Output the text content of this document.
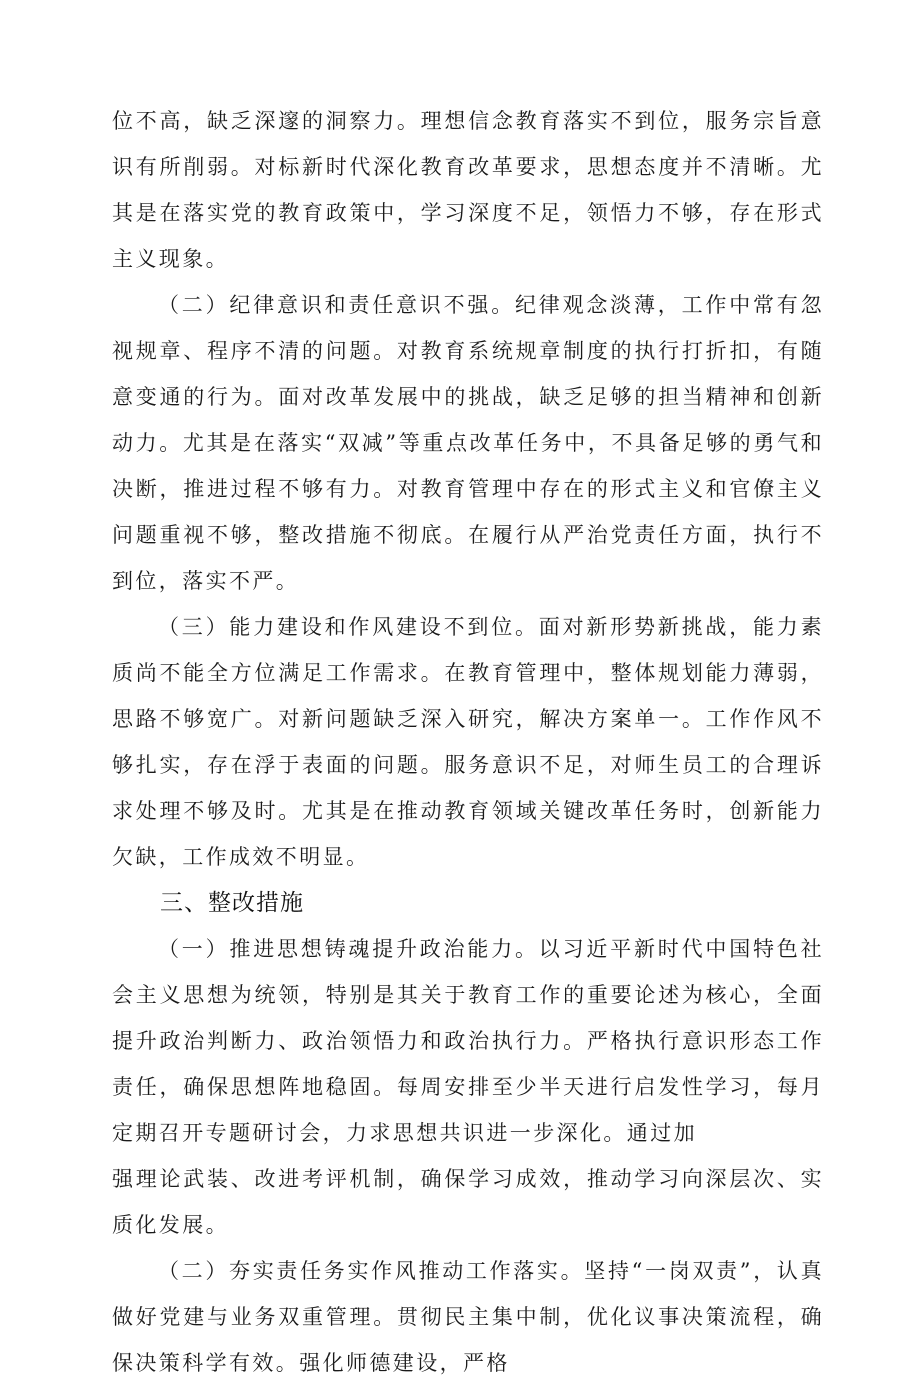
位不高，缺乏深邃的洞察力。理想信念教育落实不到位，服务宗旨意识有所削弱。对标新时代深化教育改革要求，思想态度并不清晰。尤其是在落实党的教育政策中，学习深度不足，领悟力不够，存在形式主义现象。

（二）纪律意识和责任意识不强。纪律观念淡薄，工作中常有忽视规章、程序不清的问题。对教育系统规章制度的执行打折扣，有随意变通的行为。面对改革发展中的挑战，缺乏足够的担当精神和创新动力。尤其是在落实“双减”等重点改革任务中，不具备足够的勇气和决断，推进过程不够有力。对教育管理中存在的形式主义和官僚主义问题重视不够，整改措施不彻底。在履行从严治党责任方面，执行不到位，落实不严。

（三）能力建设和作风建设不到位。面对新形势新挑战，能力素质尚不能全方位满足工作需求。在教育管理中，整体规划能力薄弱，思路不够宽广。对新问题缺乏深入研究，解决方案单一。工作作风不够扎实，存在浮于表面的问题。服务意识不足，对师生员工的合理诉求处理不够及时。尤其是在推动教育领域关键改革任务时，创新能力欠缺，工作成效不明显。

三、整改措施

（一）推进思想铸魂提升政治能力。以习近平新时代中国特色社会主义思想为统领，特别是其关于教育工作的重要论述为核心，全面提升政治判断力、政治领悟力和政治执行力。严格执行意识形态工作责任，确保思想阵地稳固。每周安排至少半天进行启发性学习，每月定期召开专题研讨会，力求思想共识进一步深化。通过加

强理论武装、改进考评机制，确保学习成效，推动学习向深层次、实质化发展。

（二）夯实责任务实作风推动工作落实。坚持“一岗双责”，认真做好党建与业务双重管理。贯彻民主集中制，优化议事决策流程，确保决策科学有效。强化师德建设，严格
